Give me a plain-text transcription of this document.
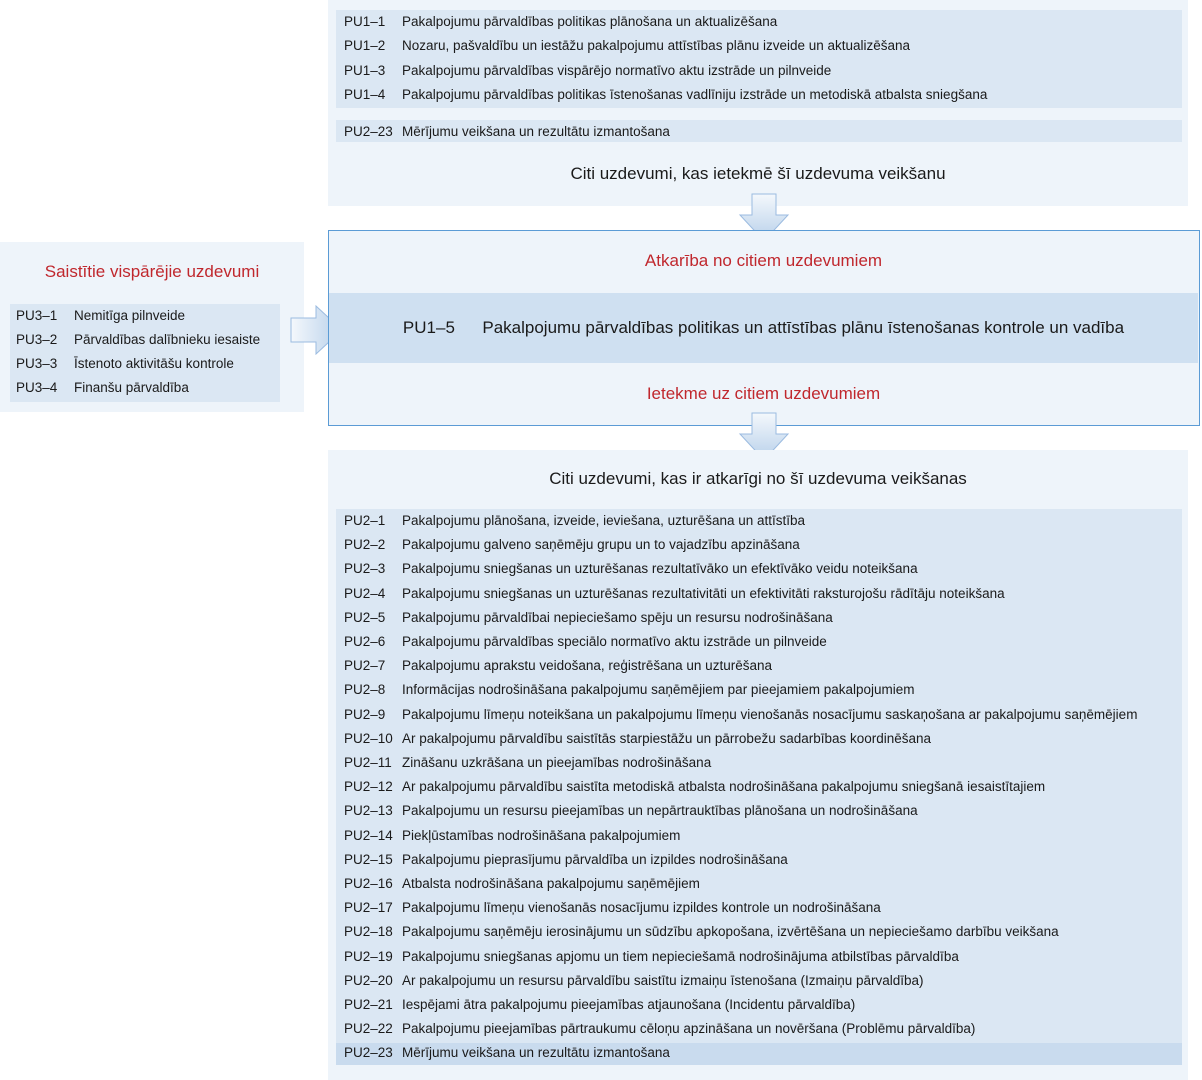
PU1–1 Pakalpojumu pārvaldības politikas plānošana un aktualizēšana
PU1–2 Nozaru, pašvaldību un iestāžu pakalpojumu attīstības plānu izveide un aktualizēšana
PU1–3 Pakalpojumu pārvaldības vispārējo normatīvo aktu izstrāde un pilnveide
PU1–4 Pakalpojumu pārvaldības politikas īstenošanas vadlīniju izstrāde un metodiskā atbalsta sniegšana
PU2–23 Mērījumu veikšana un rezultātu izmantošana
Citi uzdevumi, kas ietekmē šī uzdevuma veikšanu
Saistītie vispārējie uzdevumi
PU3–1 Nemitīga pilnveide
PU3–2 Pārvaldības dalībnieku iesaiste
PU3–3 Īstenoto aktivitāšu kontrole
PU3–4 Finanšu pārvaldība
Atkarība no citiem uzdevumiem
PU1–5 Pakalpojumu pārvaldības politikas un attīstības plānu īstenošanas kontrole un vadība
Ietekme uz citiem uzdevumiem
Citi uzdevumi, kas ir atkarīgi no šī uzdevuma veikšanas
PU2–1 Pakalpojumu plānošana, izveide, ieviešana, uzturēšana un attīstība
PU2–2 Pakalpojumu galveno saņēmēju grupu un to vajadzību apzināšana
PU2–3 Pakalpojumu sniegšanas un uzturēšanas rezultatīvāko un efektīvāko veidu noteikšana
PU2–4 Pakalpojumu sniegšanas un uzturēšanas rezultativitāti un efektivitāti raksturojošu rādītāju noteikšana
PU2–5 Pakalpojumu pārvaldībai nepieciešamo spēju un resursu nodrošināšana
PU2–6 Pakalpojumu pārvaldības speciālo normatīvo aktu izstrāde un pilnveide
PU2–7 Pakalpojumu aprakstu veidošana, reģistrēšana un uzturēšana
PU2–8 Informācijas nodrošināšana pakalpojumu saņēmējiem par pieejamiem pakalpojumiem
PU2–9 Pakalpojumu līmeņu noteikšana un pakalpojumu līmeņu vienošanās nosacījumu saskaņošana ar pakalpojumu saņēmējiem
PU2–10 Ar pakalpojumu pārvaldību saistītās starpiestāžu un pārrobežu sadarbības koordinēšana
PU2–11 Zināšanu uzkrāšana un pieejamības nodrošināšana
PU2–12 Ar pakalpojumu pārvaldību saistīta metodiskā atbalsta nodrošināšana pakalpojumu sniegšanā iesaistītajiem
PU2–13 Pakalpojumu un resursu pieejamības un nepārtrauktības plānošana un nodrošināšana
PU2–14 Piekļūstamības nodrošināšana pakalpojumiem
PU2–15 Pakalpojumu pieprasījumu pārvaldība un izpildes nodrošināšana
PU2–16 Atbalsta nodrošināšana pakalpojumu saņēmējiem
PU2–17 Pakalpojumu līmeņu vienošanās nosacījumu izpildes kontrole un nodrošināšana
PU2–18 Pakalpojumu saņēmēju ierosinājumu un sūdzību apkopošana, izvērtēšana un nepieciešamo darbību veikšana
PU2–19 Pakalpojumu sniegšanas apjomu un tiem nepieciešamā nodrošinājuma atbilstības pārvaldība
PU2–20 Ar pakalpojumu un resursu pārvaldību saistītu izmaiņu īstenošana (Izmaiņu pārvaldība)
PU2–21 Iespējami ātra pakalpojumu pieejamības atjaunošana (Incidentu pārvaldība)
PU2–22 Pakalpojumu pieejamības pārtraukumu cēloņu apzināšana un novēršana (Problēmu pārvaldība)
PU2–23 Mērījumu veikšana un rezultātu izmantošana
